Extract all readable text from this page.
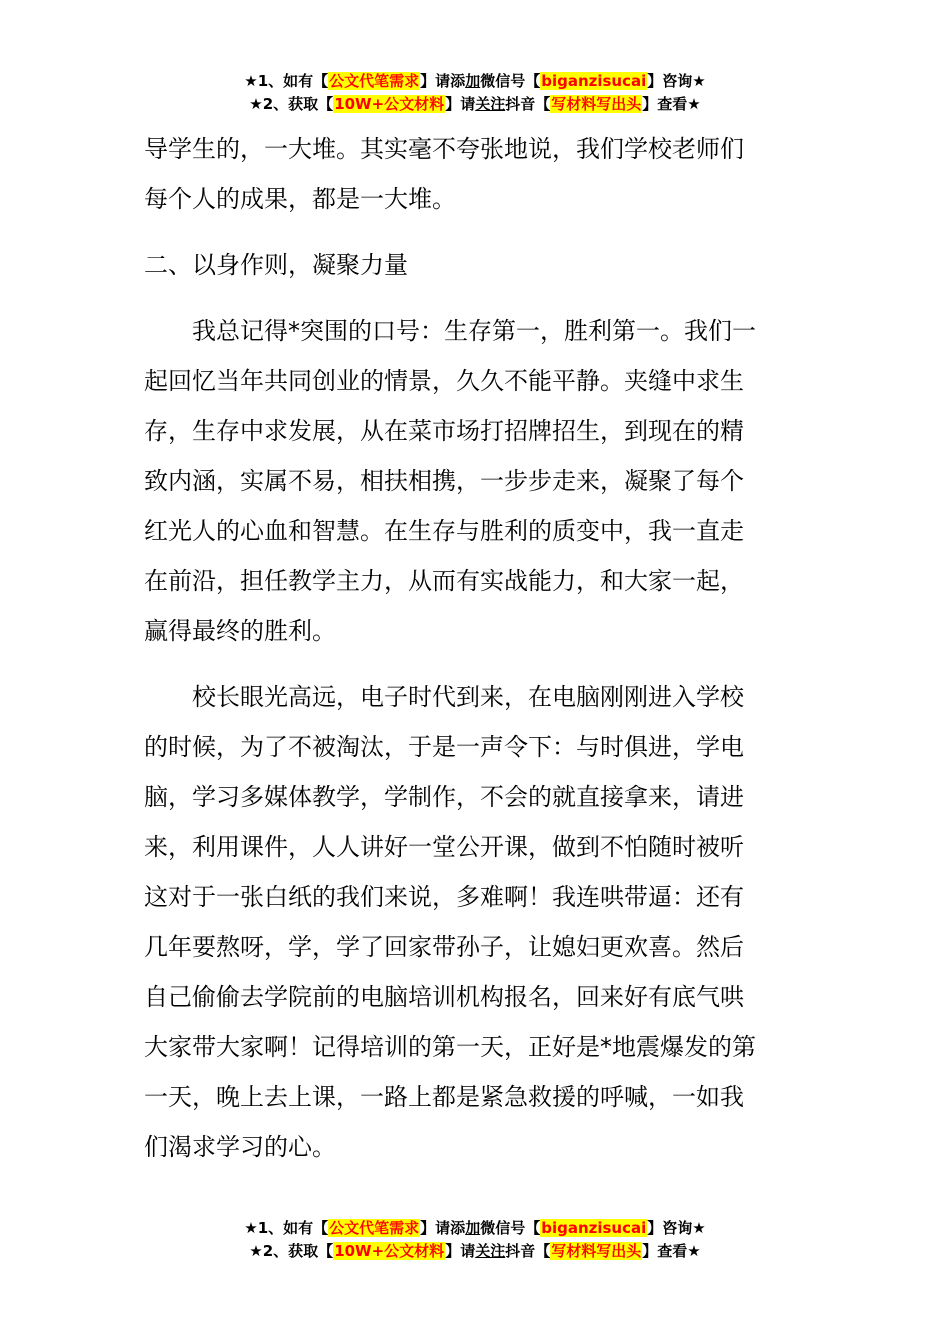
★1、如有【公文代笔需求】请添加微信号【biganzisucai】咨询★
★2、获取【10W+公文材料】请关注抖音【写材料写出头】查看★

导学生的，一大堆。其实毫不夸张地说，我们学校老师们
每个人的成果，都是一大堆。

二、以身作则，凝聚力量

我总记得*突围的口号：生存第一，胜利第一。我们一
起回忆当年共同创业的情景，久久不能平静。夹缝中求生
存，生存中求发展，从在菜市场打招牌招生，到现在的精
致内涵，实属不易，相扶相携，一步步走来，凝聚了每个
红光人的心血和智慧。在生存与胜利的质变中，我一直走
在前沿，担任教学主力，从而有实战能力，和大家一起，
赢得最终的胜利。

校长眼光高远，电子时代到来，在电脑刚刚进入学校
的时候，为了不被淘汰，于是一声令下：与时俱进，学电
脑，学习多媒体教学，学制作，不会的就直接拿来，请进
来，利用课件，人人讲好一堂公开课，做到不怕随时被听
这对于一张白纸的我们来说，多难啊！我连哄带逼：还有
几年要熬呀，学，学了回家带孙子，让媳妇更欢喜。然后
自己偷偷去学院前的电脑培训机构报名，回来好有底气哄
大家带大家啊！记得培训的第一天，正好是*地震爆发的第
一天，晚上去上课，一路上都是紧急救援的呼喊，一如我
们渴求学习的心。

★1、如有【公文代笔需求】请添加微信号【biganzisucai】咨询★
★2、获取【10W+公文材料】请关注抖音【写材料写出头】查看★
